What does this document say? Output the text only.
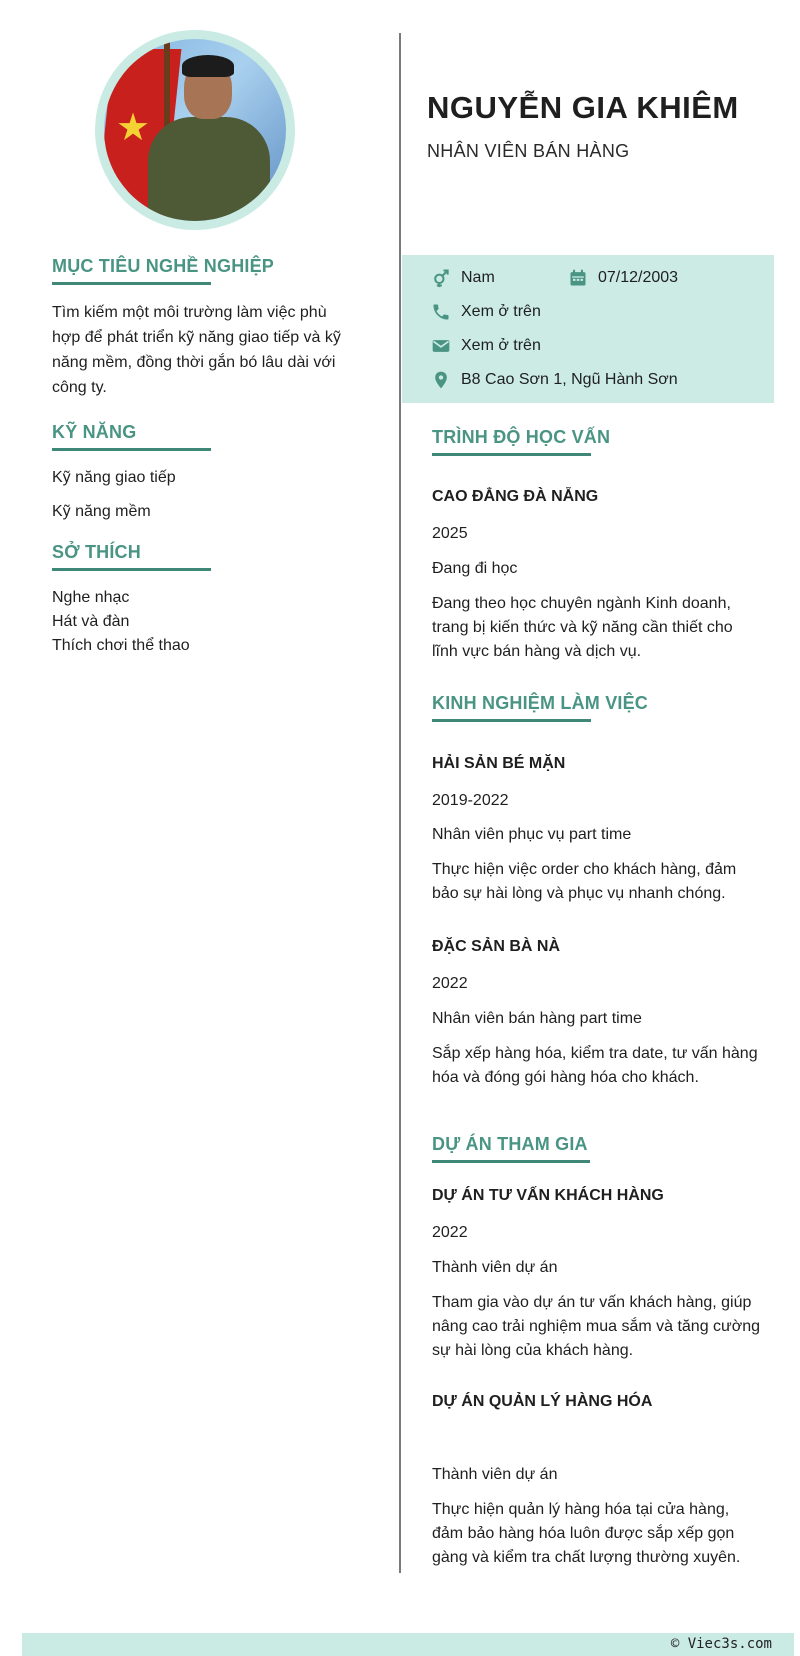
★
MỤC TIÊU NGHỀ NGHIỆP
Tìm kiếm một môi trường làm việc phù hợp để phát triển kỹ năng giao tiếp và kỹ năng mềm, đồng thời gắn bó lâu dài với công ty.
KỸ NĂNG
Kỹ năng giao tiếp
Kỹ năng mềm
SỞ THÍCH
Nghe nhạc
Hát và đàn
Thích chơi thể thao
NGUYỄN GIA KHIÊM
NHÂN VIÊN BÁN HÀNG
Nam	07/12/2003
Xem ở trên
Xem ở trên
B8 Cao Sơn 1, Ngũ Hành Sơn
TRÌNH ĐỘ HỌC VẤN
CAO ĐẲNG ĐÀ NẴNG
2025
Đang đi học
Đang theo học chuyên ngành Kinh doanh, trang bị kiến thức và kỹ năng cần thiết cho lĩnh vực bán hàng và dịch vụ.
KINH NGHIỆM LÀM VIỆC
HẢI SẢN BÉ MẶN
2019-2022
Nhân viên phục vụ part time
Thực hiện việc order cho khách hàng, đảm bảo sự hài lòng và phục vụ nhanh chóng.
ĐẶC SẢN BÀ NÀ
2022
Nhân viên bán hàng part time
Sắp xếp hàng hóa, kiểm tra date, tư vấn hàng hóa và đóng gói hàng hóa cho khách.
DỰ ÁN THAM GIA
DỰ ÁN TƯ VẤN KHÁCH HÀNG
2022
Thành viên dự án
Tham gia vào dự án tư vấn khách hàng, giúp nâng cao trải nghiệm mua sắm và tăng cường sự hài lòng của khách hàng.
DỰ ÁN QUẢN LÝ HÀNG HÓA
Thành viên dự án
Thực hiện quản lý hàng hóa tại cửa hàng, đảm bảo hàng hóa luôn được sắp xếp gọn gàng và kiểm tra chất lượng thường xuyên.
© Viec3s.com
